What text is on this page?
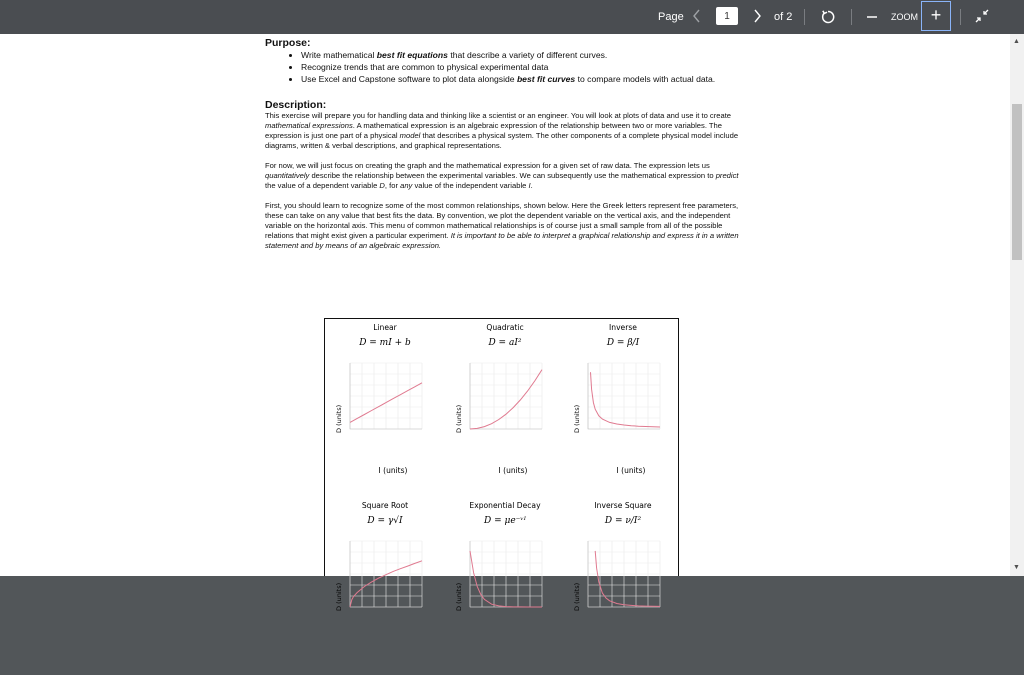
Page	1	of 2	ZOOM +
Purpose:
• Write mathematical best fit equations that describe a variety of different curves.
• Recognize trends that are common to physical experimental data
• Use Excel and Capstone software to plot data alongside best fit curves to compare models with actual data.
Description:

This exercise will prepare you for handling data and thinking like a scientist or an engineer. You will look at plots of data and use it to create mathematical expressions. A mathematical expression is an algebraic expression of the relationship between two or more variables. The expression is just one part of a physical model that describes a physical system. The other components of a complete physical model include diagrams, written & verbal descriptions, and graphical representations.

For now, we will just focus on creating the graph and the mathematical expression for a given set of raw data. The expression lets us quantitatively describe the relationship between the experimental variables. We can subsequently use the mathematical expression to predict the value of a dependent variable D, for any value of the independent variable I.

First, you should learn to recognize some of the most common relationships, shown below. Here the Greek letters represent free parameters, these can take on any value that best fits the data. By convention, we plot the dependent variable on the vertical axis, and the independent variable on the horizontal axis. This menu of common mathematical relationships is of course just a small sample from all of the possible relations that might exist given a particular experiment. It is important to be able to interpret a graphical relationship and express it in a written statement and by means of an algebraic expression.

Linear
D = mI + b
D (units)
I (units)
Quadratic
D = aI²
D (units)
I (units)
Inverse
D = β/I
D (units)
I (units)
Square Root
D = γ√I
D (units)
Exponential Decay
D = μe⁻ᵛᴵ
D (units)
Inverse Square
D = ν/I²
D (units)
▲
▼
